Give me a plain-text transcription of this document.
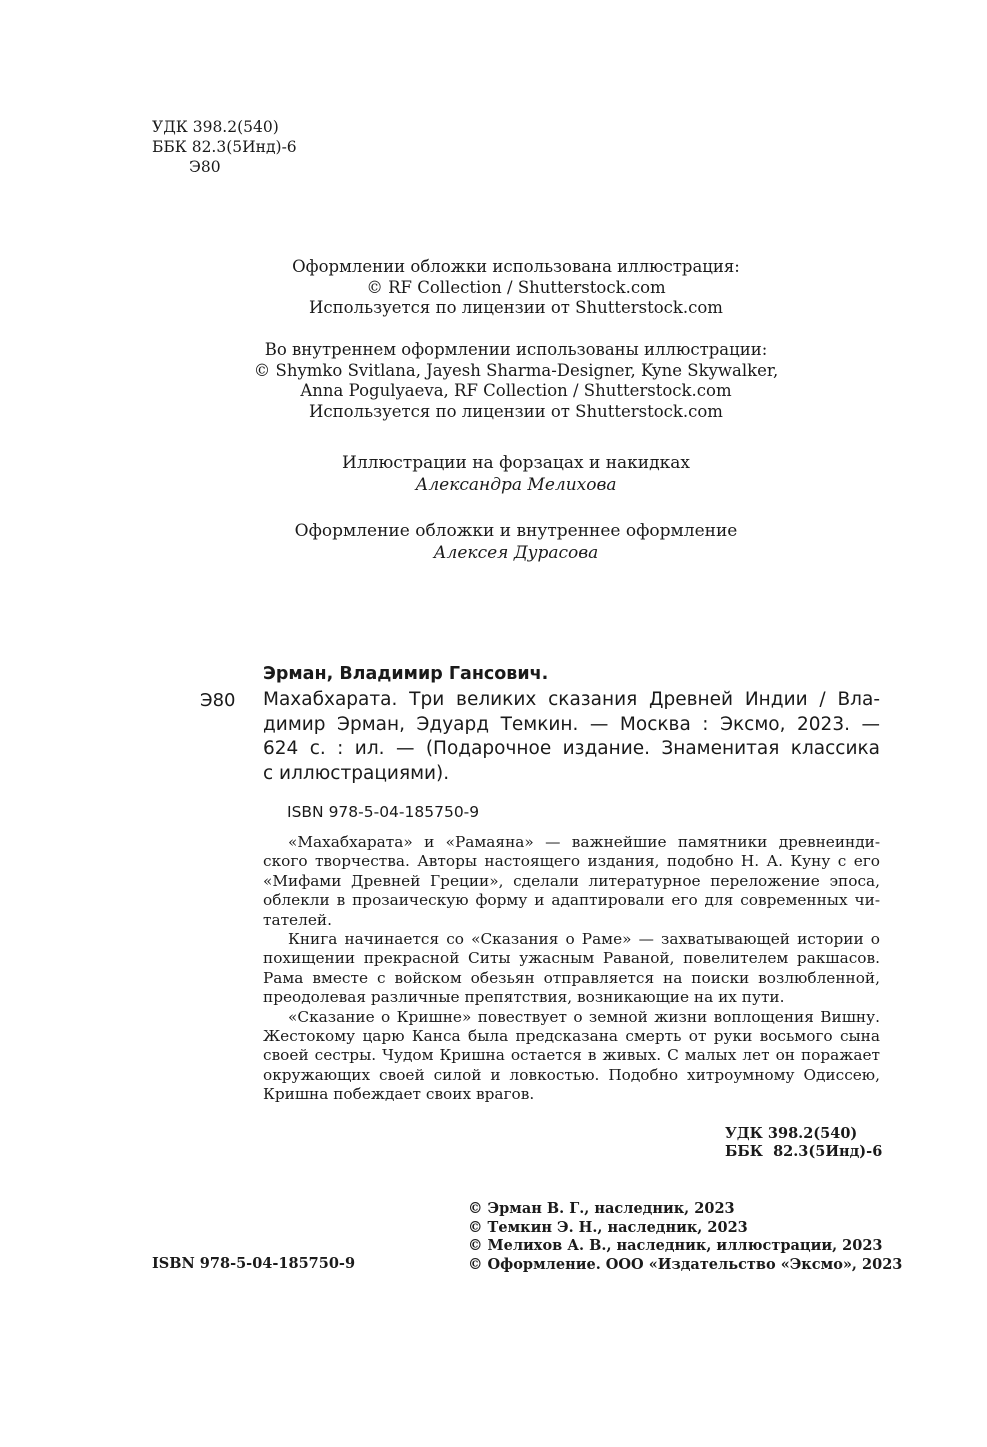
УДК 398.2(540)
ББК 82.3(5Инд)-6
Э80
Оформлении обложки использована иллюстрация:
© RF Collection / Shutterstock.com
Используется по лицензии от Shutterstock.com
Во внутреннем оформлении использованы иллюстрации:
© Shymko Svitlana, Jayesh Sharma-Designer, Kyne Skywalker,
Anna Pogulyaeva, RF Collection / Shutterstock.com
Используется по лицензии от Shutterstock.com
Иллюстрации на форзацах и накидках
Александра Мелихова
Оформление обложки и внутреннее оформление
Алексея Дурасова
Эрман, Владимир Гансович.
Э80 Махабхарата. Три великих сказания Древней Индии / Вла-
димир Эрман, Эдуард Темкин. — Москва : Эксмо, 2023. —
624 с. : ил. — (Подарочное издание. Знаменитая классика
с иллюстрациями).
ISBN 978-5-04-185750-9
«Махабхарата» и «Рамаяна» — важнейшие памятники древнеинди-
ского творчества. Авторы настоящего издания, подобно Н. А. Куну с его
«Мифами Древней Греции», сделали литературное переложение эпоса,
облекли в прозаическую форму и адаптировали его для современных чи-
тателей.
Книга начинается со «Сказания о Раме» — захватывающей истории о
похищении прекрасной Ситы ужасным Раваной, повелителем ракшасов.
Рама вместе с войском обезьян отправляется на поиски возлюбленной,
преодолевая различные препятствия, возникающие на их пути.
«Сказание о Кришне» повествует о земной жизни воплощения Вишну.
Жестокому царю Канса была предсказана смерть от руки восьмого сына
своей сестры. Чудом Кришна остается в живых. С малых лет он поражает
окружающих своей силой и ловкостью. Подобно хитроумному Одиссею,
Кришна побеждает своих врагов.
УДК 398.2(540)
ББК  82.3(5Инд)-6
© Эрман В. Г., наследник, 2023
© Темкин Э. Н., наследник, 2023
© Мелихов А. В., наследник, иллюстрации, 2023
© Оформление. ООО «Издательство «Эксмо», 2023
ISBN 978-5-04-185750-9
